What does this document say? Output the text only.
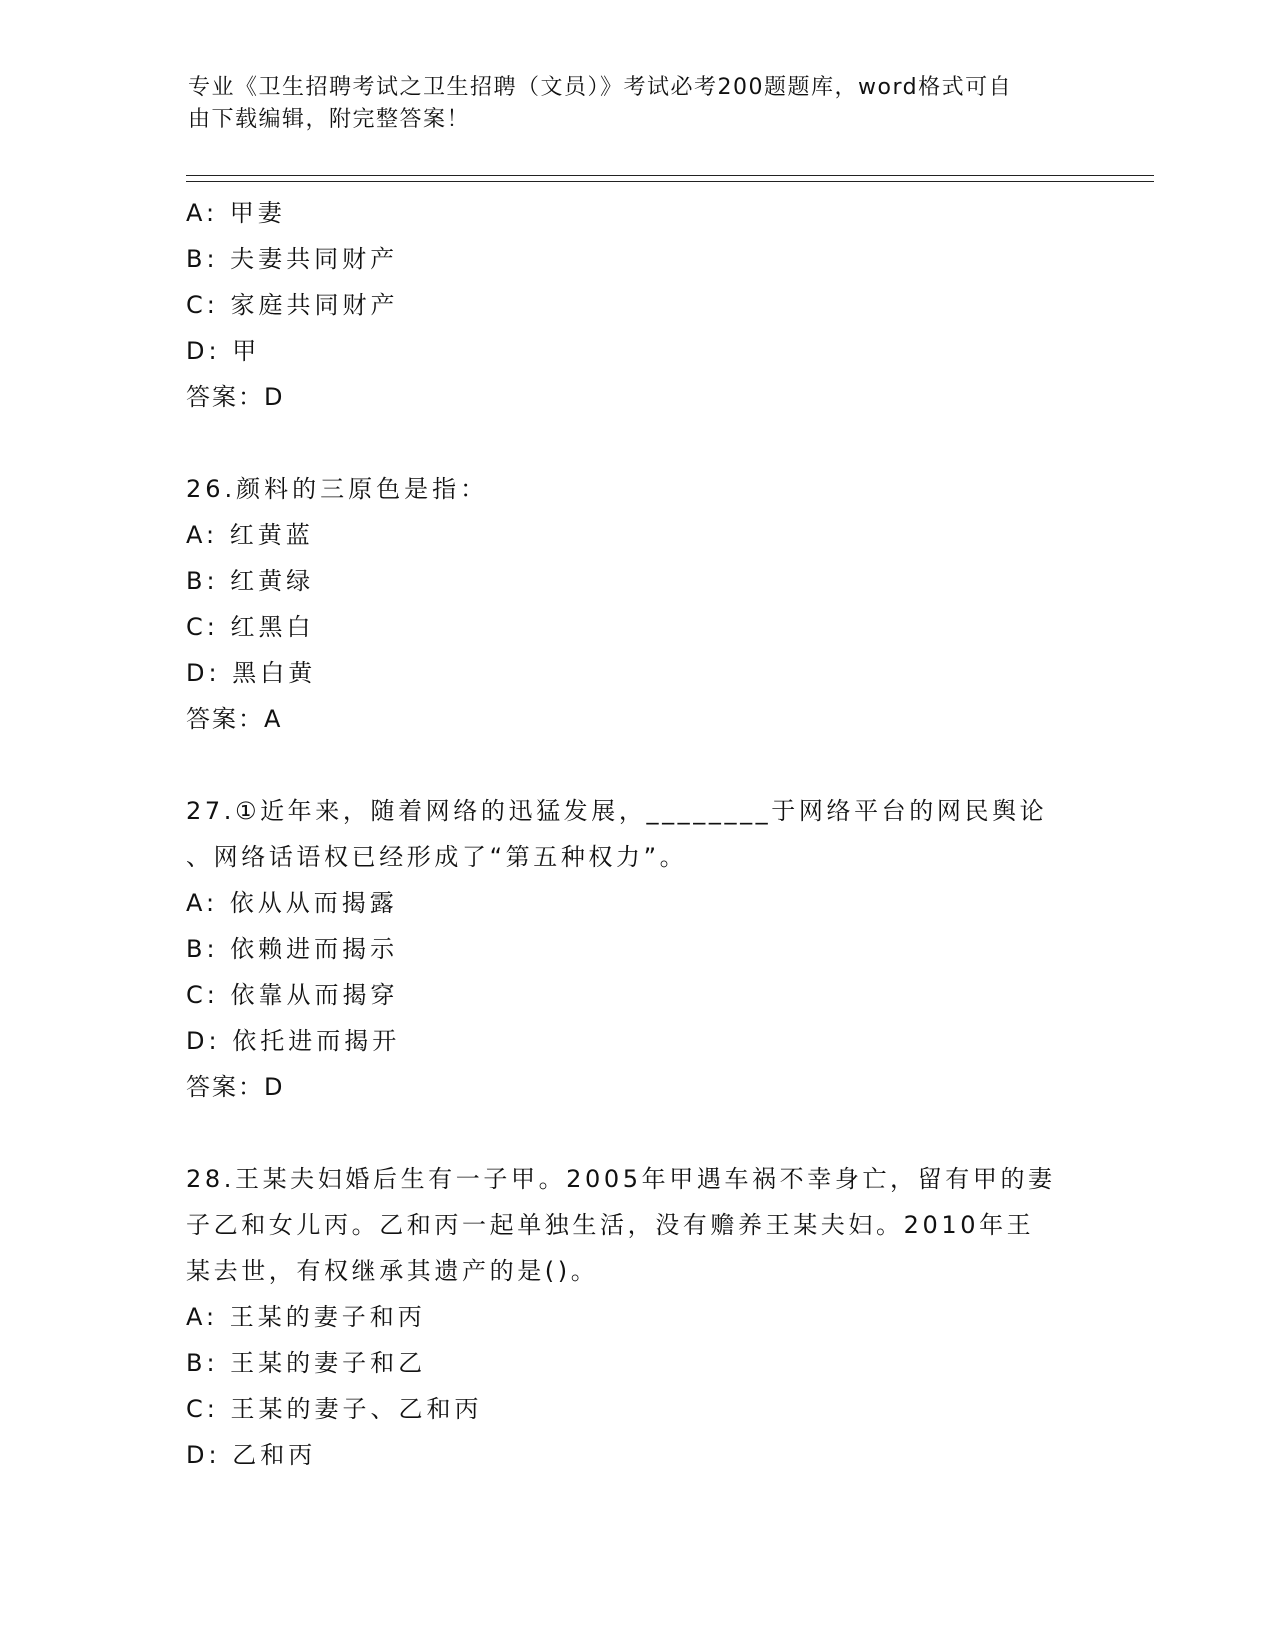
专业《卫生招聘考试之卫生招聘（文员）》考试必考200题题库，word格式可自
由下载编辑，附完整答案！
A: 甲妻
B: 夫妻共同财产
C: 家庭共同财产
D: 甲
答案：D
26.颜料的三原色是指：
A: 红黄蓝
B: 红黄绿
C: 红黑白
D: 黑白黄
答案：A
27.①近年来，随着网络的迅猛发展，________于网络平台的网民舆论
、网络话语权已经形成了“第五种权力”。
A: 依从从而揭露
B: 依赖进而揭示
C: 依靠从而揭穿
D: 依托进而揭开
答案：D
28.王某夫妇婚后生有一子甲。2005年甲遇车祸不幸身亡，留有甲的妻
子乙和女儿丙。乙和丙一起单独生活，没有赡养王某夫妇。2010年王
某去世，有权继承其遗产的是()。
A: 王某的妻子和丙
B: 王某的妻子和乙
C: 王某的妻子、乙和丙
D: 乙和丙
